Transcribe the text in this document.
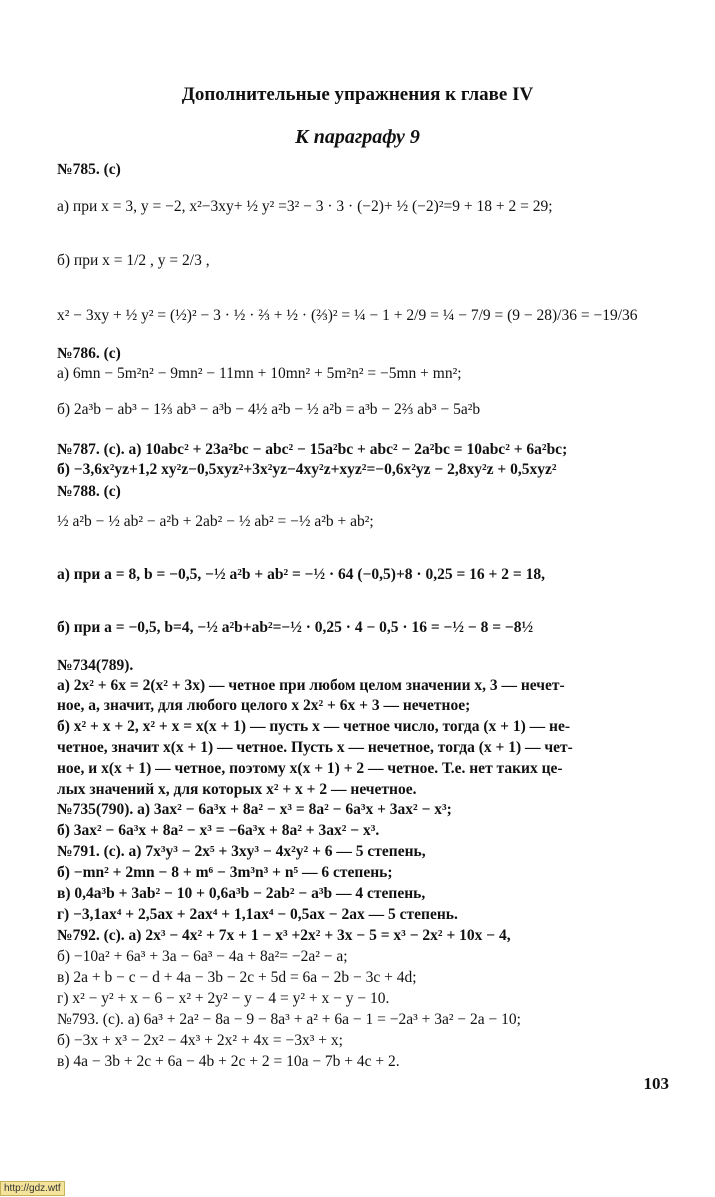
Дополнительные упражнения к главе IV
К параграфу 9
№785. (с)
а) при x = 3, y = −2, x²−3xy+ ½ y² =3² − 3 · 3 · (−2)+ ½ (−2)²=9 + 18 + 2 = 29;
б) при x = 1/2 , y = 2/3 ,
x² − 3xy + ½ y² = (½)² − 3 · ½ · ⅔ + ½ · (⅔)² = ¼ − 1 + 2/9 = ¼ − 7/9 = (9 − 28)/36 = −19/36
№786. (с)
а) 6mn − 5m²n² − 9mn² − 11mn + 10mn² + 5m²n² = −5mn + mn²;
б) 2a³b − ab³ − 1⅔ ab³ − a³b − 4½ a²b − ½ a²b = a³b − 2⅔ ab³ − 5a²b
№787. (с). а) 10abc² + 23a²bc − abc² − 15a²bc + abc² − 2a²bc = 10abc² + 6a²bc;
б) −3,6x²yz+1,2 xy²z−0,5xyz²+3x²yz−4xy²z+xyz²=−0,6x²yz − 2,8xy²z + 0,5xyz²
№788. (с)
½ a²b − ½ ab² − a²b + 2ab² − ½ ab² = −½ a²b + ab²;
а) при a = 8, b = −0,5, −½ a²b + ab² = −½ · 64 (−0,5)+8 · 0,25 = 16 + 2 = 18,
б) при a = −0,5, b=4, −½ a²b+ab²=−½ · 0,25 · 4 − 0,5 · 16 = −½ − 8 = −8½
№734(789).
а) 2x² + 6x = 2(x² + 3x) — четное при любом целом значении x, 3 — нечет-
ное, а, значит, для любого целого x 2x² + 6x + 3 — нечетное;
б) x² + x + 2, x² + x = x(x + 1) — пусть x — четное число, тогда (x + 1) — не-
четное, значит x(x + 1) — четное. Пусть x — нечетное, тогда (x + 1) — чет-
ное, и x(x + 1) — четное, поэтому x(x + 1) + 2 — четное. Т.е. нет таких це-
лых значений x, для которых x² + x + 2 — нечетное.
№735(790). а) 3ax² − 6a³x + 8a² − x³ = 8a² − 6a³x + 3ax² − x³;
б) 3ax² − 6a³x + 8a² − x³ = −6a³x + 8a² + 3ax² − x³.
№791. (с). а) 7x³y³ − 2x⁵ + 3xy³ − 4x²y² + 6 — 5 степень,
б) −mn² + 2mn − 8 + m⁶ − 3m³n³ + n⁵ — 6 степень;
в) 0,4a³b + 3ab² − 10 + 0,6a³b − 2ab² − a³b — 4 степень,
г) −3,1ax⁴ + 2,5ax + 2ax⁴ + 1,1ax⁴ − 0,5ax − 2ax — 5 степень.
№792. (с). а) 2x³ − 4x² + 7x + 1 − x³ +2x² + 3x − 5 = x³ − 2x² + 10x − 4,
б) −10a² + 6a³ + 3a − 6a³ − 4a + 8a²= −2a² − a;
в) 2a + b − c − d + 4a − 3b − 2c + 5d = 6a − 2b − 3c + 4d;
г) x² − y² + x − 6 − x² + 2y² − y − 4 = y² + x − y − 10.
№793. (с). а) 6a³ + 2a² − 8a − 9 − 8a³ + a² + 6a − 1 = −2a³ + 3a² − 2a − 10;
б) −3x + x³ − 2x² − 4x³ + 2x² + 4x = −3x³ + x;
в) 4a − 3b + 2c + 6a − 4b + 2c + 2 = 10a − 7b + 4c + 2.
103
http://gdz.wtf
